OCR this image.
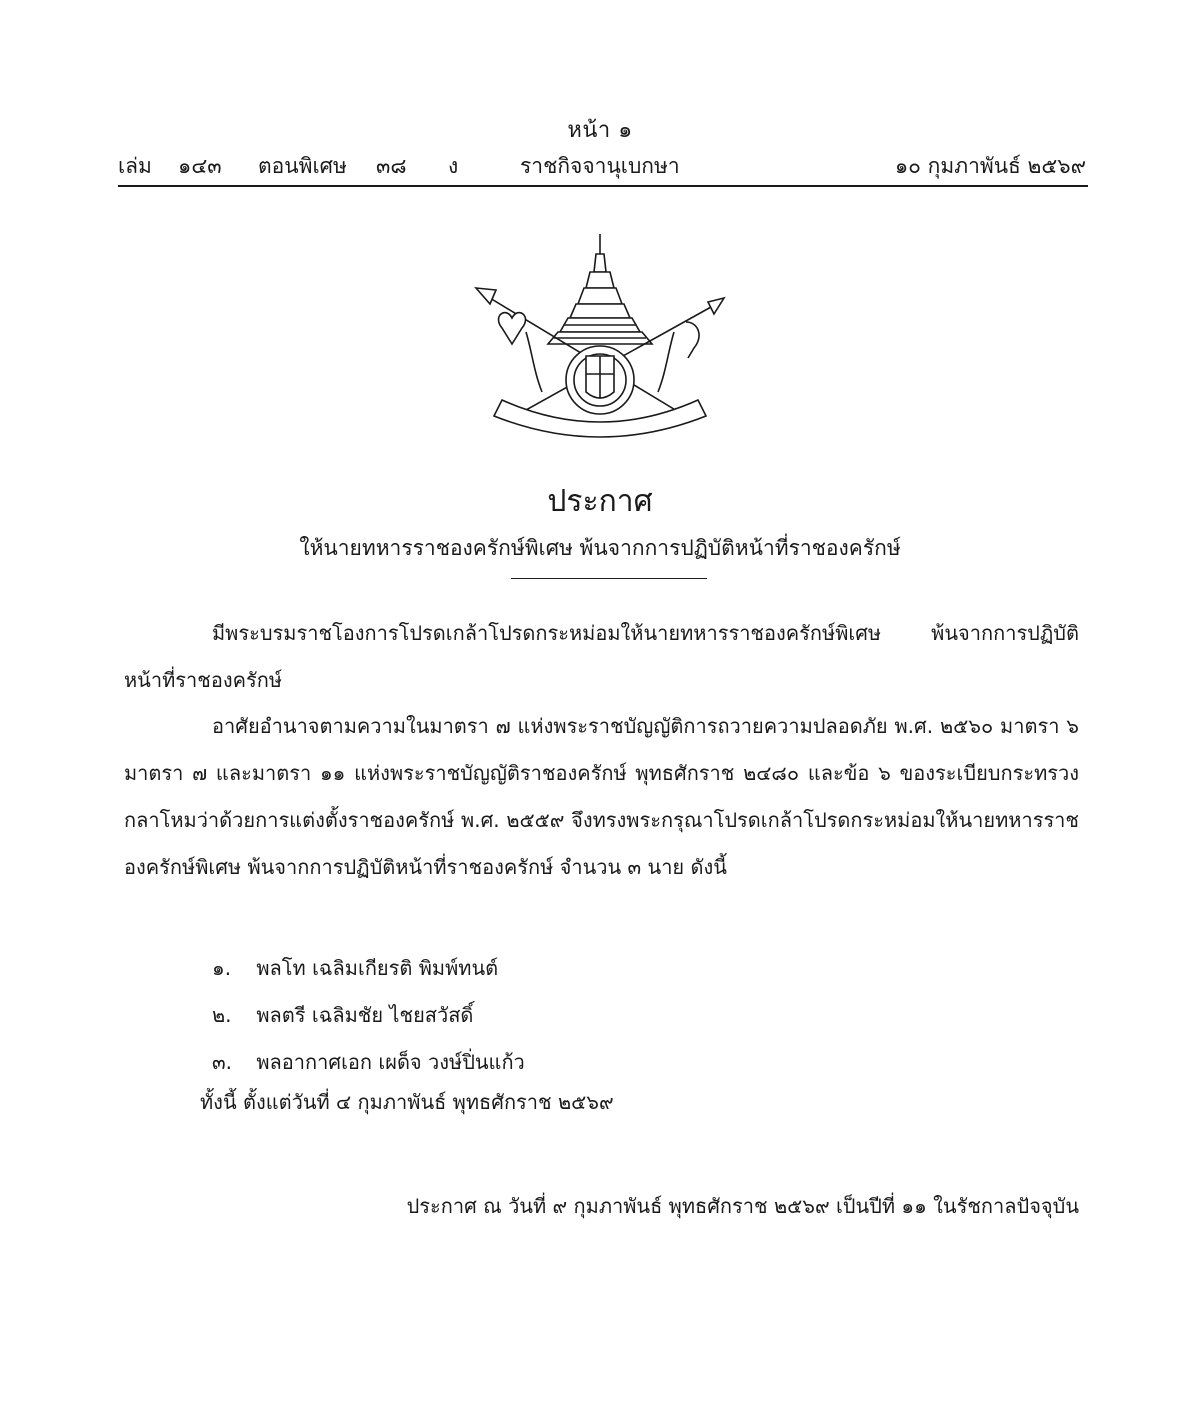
หน้า ๑
เล่ม ๑๔๓ ตอนพิเศษ ๓๘ ง	ราชกิจจานุเบกษา	๑๐ กุมภาพันธ์ ๒๕๖๙
ประกาศ
ให้นายทหารราชองครักษ์พิเศษ พ้นจากการปฏิบัติหน้าที่ราชองครักษ์
มีพระบรมราชโองการโปรดเกล้าโปรดกระหม่อมให้นายทหารราชองครักษ์พิเศษ พ้นจากการปฏิบัติหน้าที่ราชองครักษ์
อาศัยอำนาจตามความในมาตรา ๗ แห่งพระราชบัญญัติการถวายความปลอดภัย พ.ศ. ๒๕๖๐ มาตรา ๖ มาตรา ๗ และมาตรา ๑๑ แห่งพระราชบัญญัติราชองครักษ์ พุทธศักราช ๒๔๘๐ และข้อ ๖ ของระเบียบกระทรวงกลาโหมว่าด้วยการแต่งตั้งราชองครักษ์ พ.ศ. ๒๕๕๙ จึงทรงพระกรุณาโปรดเกล้าโปรดกระหม่อมให้นายทหารราชองครักษ์พิเศษ พ้นจากการปฏิบัติหน้าที่ราชองครักษ์ จำนวน ๓ นาย ดังนี้
๑. พลโท เฉลิมเกียรติ พิมพ์ทนต์
๒. พลตรี เฉลิมชัย ไชยสวัสดิ์
๓. พลอากาศเอก เผด็จ วงษ์ปิ่นแก้ว
ทั้งนี้ ตั้งแต่วันที่ ๔ กุมภาพันธ์ พุทธศักราช ๒๕๖๙
ประกาศ ณ วันที่ ๙ กุมภาพันธ์ พุทธศักราช ๒๕๖๙ เป็นปีที่ ๑๑ ในรัชกาลปัจจุบัน
